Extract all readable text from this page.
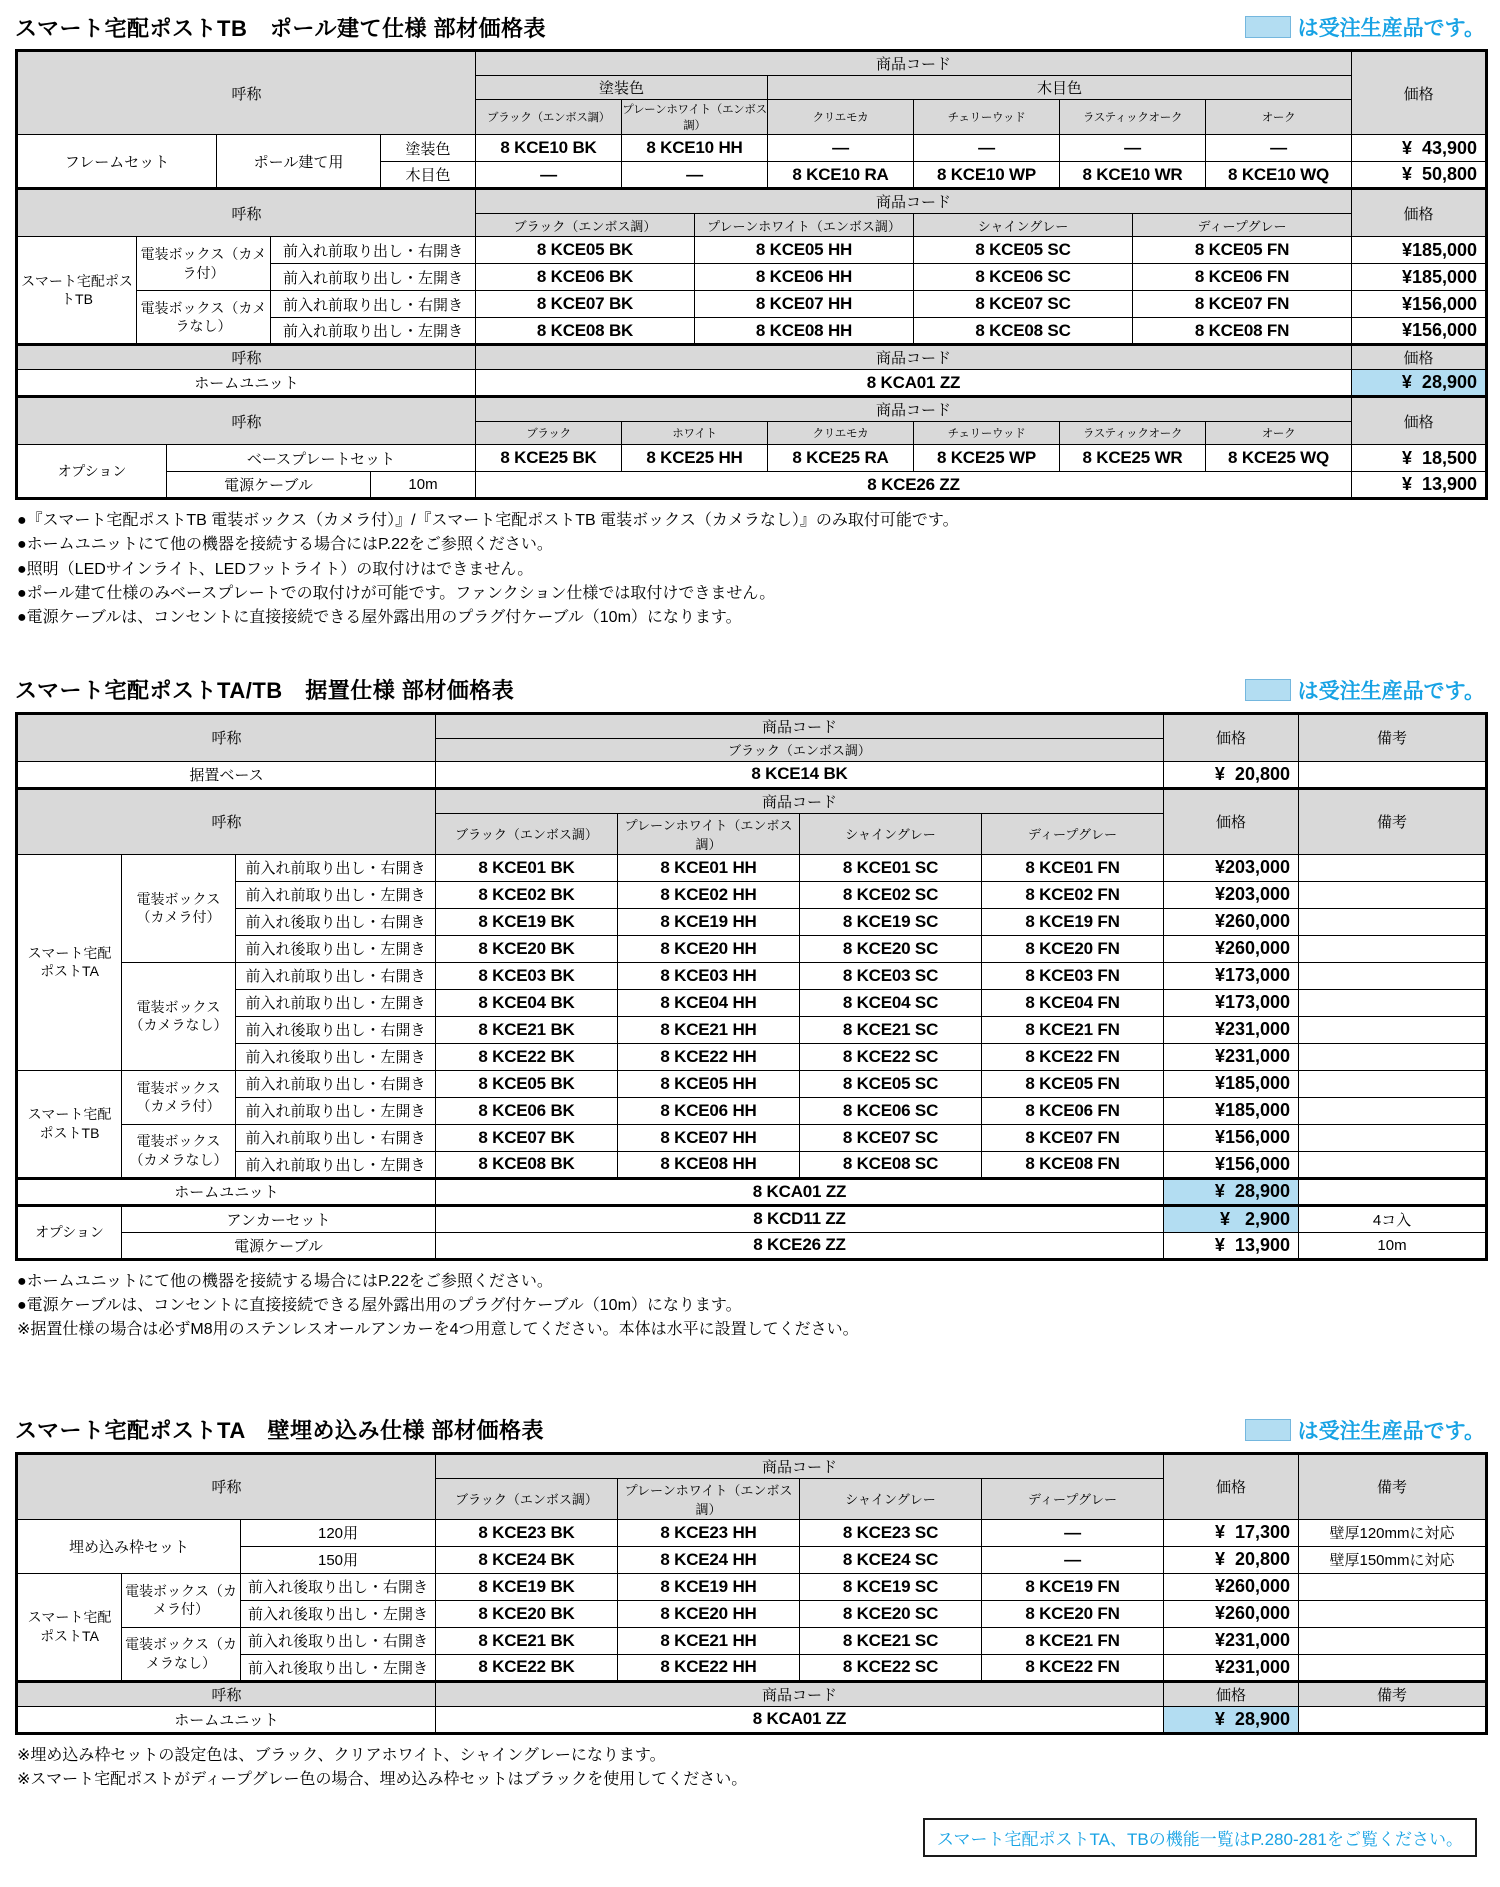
スマート宅配ポストTB　ポール建て仕様 部材価格表	は受注生産品です。
呼称			商品コード						価格
			塗装色		木目色				
			ブラック（エンボス調）	プレーンホワイト（エンボス調）	クリエモカ	チェリーウッド	ラスティックオーク	オーク	
フレームセット	ポール建て用	塗装色	8 KCE10 BK	8 KCE10 HH	—	—	—	—	¥  43,900
		木目色	—	—	8 KCE10 RA	8 KCE10 WP	8 KCE10 WR	8 KCE10 WQ	¥  50,800
呼称			商品コード				価格
			ブラック（エンボス調）	プレーンホワイト（エンボス調）	シャイングレー	ディープグレー	
スマート宅配ポストTB	電装ボックス（カメラ付）	前入れ前取り出し・右開き	8 KCE05 BK	8 KCE05 HH	8 KCE05 SC	8 KCE05 FN	¥185,000
		前入れ前取り出し・左開き	8 KCE06 BK	8 KCE06 HH	8 KCE06 SC	8 KCE06 FN	¥185,000
	電装ボックス（カメラなし）	前入れ前取り出し・右開き	8 KCE07 BK	8 KCE07 HH	8 KCE07 SC	8 KCE07 FN	¥156,000
		前入れ前取り出し・左開き	8 KCE08 BK	8 KCE08 HH	8 KCE08 SC	8 KCE08 FN	¥156,000
呼称	商品コード	価格
ホームユニット	8 KCA01 ZZ	¥  28,900
呼称			商品コード						価格
			ブラック	ホワイト	クリエモカ	チェリーウッド	ラスティックオーク	オーク	
オプション	ベースプレートセット		8 KCE25 BK	8 KCE25 HH	8 KCE25 RA	8 KCE25 WP	8 KCE25 WR	8 KCE25 WQ	¥  18,500
	電源ケーブル	10m	8 KCE26 ZZ						¥  13,900
●『スマート宅配ポストTB 電装ボックス（カメラ付）』/『スマート宅配ポストTB 電装ボックス（カメラなし）』のみ取付可能です。
●ホームユニットにて他の機器を接続する場合にはP.22をご参照ください。
●照明（LEDサインライト、LEDフットライト）の取付けはできません。
●ポール建て仕様のみベースプレートでの取付けが可能です。ファンクション仕様では取付けできません。
●電源ケーブルは、コンセントに直接接続できる屋外露出用のプラグ付ケーブル（10m）になります。
スマート宅配ポストTA/TB　据置仕様 部材価格表	は受注生産品です。
呼称	商品コード	価格	備考
	ブラック（エンボス調）		
据置ベース	8 KCE14 BK	¥  20,800	
呼称			商品コード				価格	備考
			ブラック（エンボス調）	プレーンホワイト（エンボス調）	シャイングレー	ディープグレー		
スマート宅配ポストTA	電装ボックス（カメラ付）	前入れ前取り出し・右開き	8 KCE01 BK	8 KCE01 HH	8 KCE01 SC	8 KCE01 FN	¥203,000	
		前入れ前取り出し・左開き	8 KCE02 BK	8 KCE02 HH	8 KCE02 SC	8 KCE02 FN	¥203,000	
		前入れ後取り出し・右開き	8 KCE19 BK	8 KCE19 HH	8 KCE19 SC	8 KCE19 FN	¥260,000	
		前入れ後取り出し・左開き	8 KCE20 BK	8 KCE20 HH	8 KCE20 SC	8 KCE20 FN	¥260,000	
	電装ボックス（カメラなし）	前入れ前取り出し・右開き	8 KCE03 BK	8 KCE03 HH	8 KCE03 SC	8 KCE03 FN	¥173,000	
		前入れ前取り出し・左開き	8 KCE04 BK	8 KCE04 HH	8 KCE04 SC	8 KCE04 FN	¥173,000	
		前入れ後取り出し・右開き	8 KCE21 BK	8 KCE21 HH	8 KCE21 SC	8 KCE21 FN	¥231,000	
		前入れ後取り出し・左開き	8 KCE22 BK	8 KCE22 HH	8 KCE22 SC	8 KCE22 FN	¥231,000	
スマート宅配ポストTB	電装ボックス（カメラ付）	前入れ前取り出し・右開き	8 KCE05 BK	8 KCE05 HH	8 KCE05 SC	8 KCE05 FN	¥185,000	
		前入れ前取り出し・左開き	8 KCE06 BK	8 KCE06 HH	8 KCE06 SC	8 KCE06 FN	¥185,000	
	電装ボックス（カメラなし）	前入れ前取り出し・右開き	8 KCE07 BK	8 KCE07 HH	8 KCE07 SC	8 KCE07 FN	¥156,000	
		前入れ前取り出し・左開き	8 KCE08 BK	8 KCE08 HH	8 KCE08 SC	8 KCE08 FN	¥156,000	
ホームユニット	8 KCA01 ZZ	¥  28,900	
オプション	アンカーセット	8 KCD11 ZZ	¥   2,900	4コ入
	電源ケーブル	8 KCE26 ZZ	¥  13,900	10m
●ホームユニットにて他の機器を接続する場合にはP.22をご参照ください。
●電源ケーブルは、コンセントに直接接続できる屋外露出用のプラグ付ケーブル（10m）になります。
※据置仕様の場合は必ずM8用のステンレスオールアンカーを4つ用意してください。本体は水平に設置してください。
スマート宅配ポストTA　壁埋め込み仕様 部材価格表	は受注生産品です。
呼称			商品コード				価格	備考
			ブラック（エンボス調）	プレーンホワイト（エンボス調）	シャイングレー	ディープグレー		
埋め込み枠セット		120用	8 KCE23 BK	8 KCE23 HH	8 KCE23 SC	—	¥  17,300	壁厚120mmに対応
		150用	8 KCE24 BK	8 KCE24 HH	8 KCE24 SC	—	¥  20,800	壁厚150mmに対応
スマート宅配ポストTA	電装ボックス（カメラ付）	前入れ後取り出し・右開き	8 KCE19 BK	8 KCE19 HH	8 KCE19 SC	8 KCE19 FN	¥260,000	
		前入れ後取り出し・左開き	8 KCE20 BK	8 KCE20 HH	8 KCE20 SC	8 KCE20 FN	¥260,000	
	電装ボックス（カメラなし）	前入れ後取り出し・右開き	8 KCE21 BK	8 KCE21 HH	8 KCE21 SC	8 KCE21 FN	¥231,000	
		前入れ後取り出し・左開き	8 KCE22 BK	8 KCE22 HH	8 KCE22 SC	8 KCE22 FN	¥231,000	
呼称	商品コード	価格	備考
ホームユニット	8 KCA01 ZZ	¥  28,900	
※埋め込み枠セットの設定色は、ブラック、クリアホワイト、シャイングレーになります。
※スマート宅配ポストがディープグレー色の場合、埋め込み枠セットはブラックを使用してください。
スマート宅配ポストTA、TBの機能一覧はP.280-281をご覧ください。
